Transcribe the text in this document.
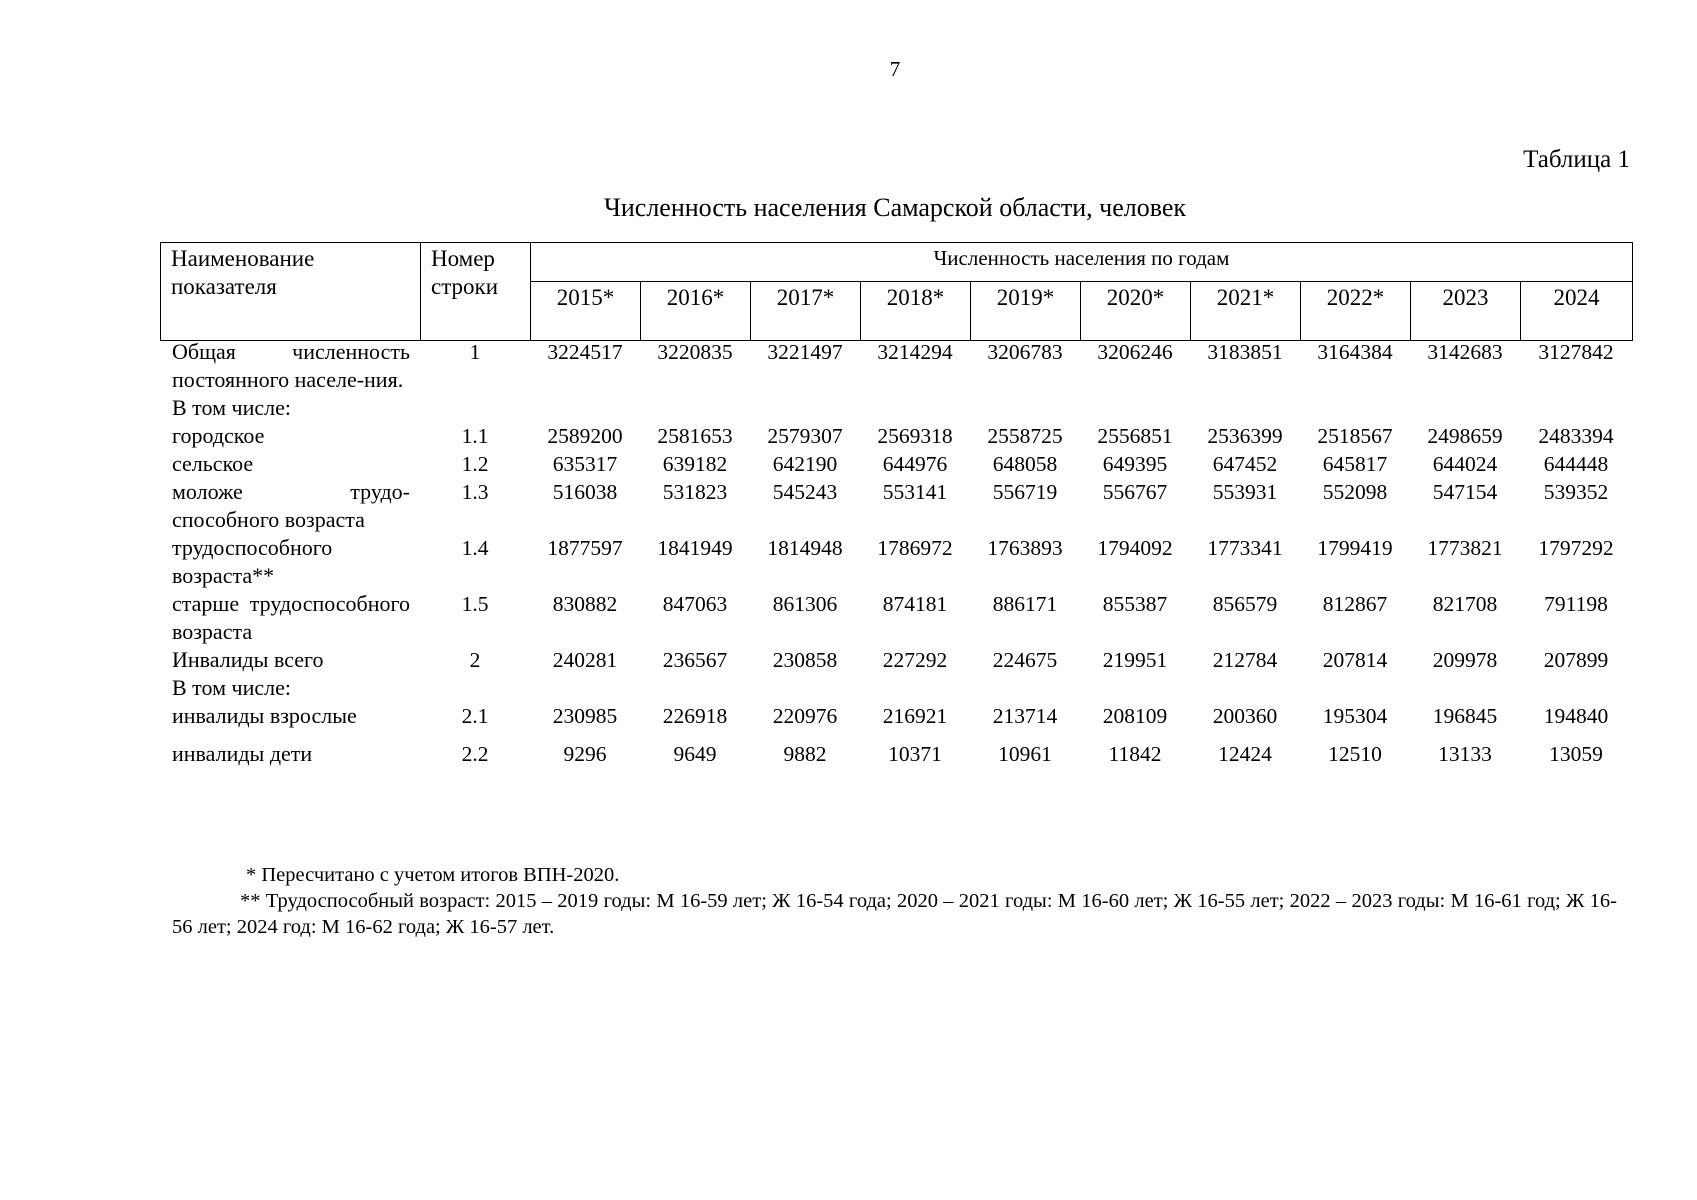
7
Таблица 1
Численность населения Самарской области, человек
Наименование показателя	Номер строки	Численность населения по годам									
		2015*	2016*	2017*	2018*	2019*	2020*	2021*	2022*	2023	2024
Общая численность постоянного населе-ния.	1	3224517	3220835	3221497	3214294	3206783	3206246	3183851	3164384	3142683	3127842
В том числе:											
городское	1.1	2589200	2581653	2579307	2569318	2558725	2556851	2536399	2518567	2498659	2483394
сельское	1.2	635317	639182	642190	644976	648058	649395	647452	645817	644024	644448
моложе трудо-способного возраста	1.3	516038	531823	545243	553141	556719	556767	553931	552098	547154	539352
трудоспособного возраста**	1.4	1877597	1841949	1814948	1786972	1763893	1794092	1773341	1799419	1773821	1797292
старше трудоспособного возраста	1.5	830882	847063	861306	874181	886171	855387	856579	812867	821708	791198
Инвалиды всего	2	240281	236567	230858	227292	224675	219951	212784	207814	209978	207899
В том числе:											
инвалиды взрослые	2.1	230985	226918	220976	216921	213714	208109	200360	195304	196845	194840
инвалиды дети	2.2	9296	9649	9882	10371	10961	11842	12424	12510	13133	13059

* Пересчитано с учетом итогов ВПН-2020.

** Трудоспособный возраст: 2015 – 2019 годы: М 16-59 лет; Ж 16-54 года; 2020 – 2021 годы: М 16-60 лет; Ж 16-55 лет; 2022 – 2023 годы: М 16-61 год; Ж 16-56 лет; 2024 год: М 16-62 года; Ж 16-57 лет.
